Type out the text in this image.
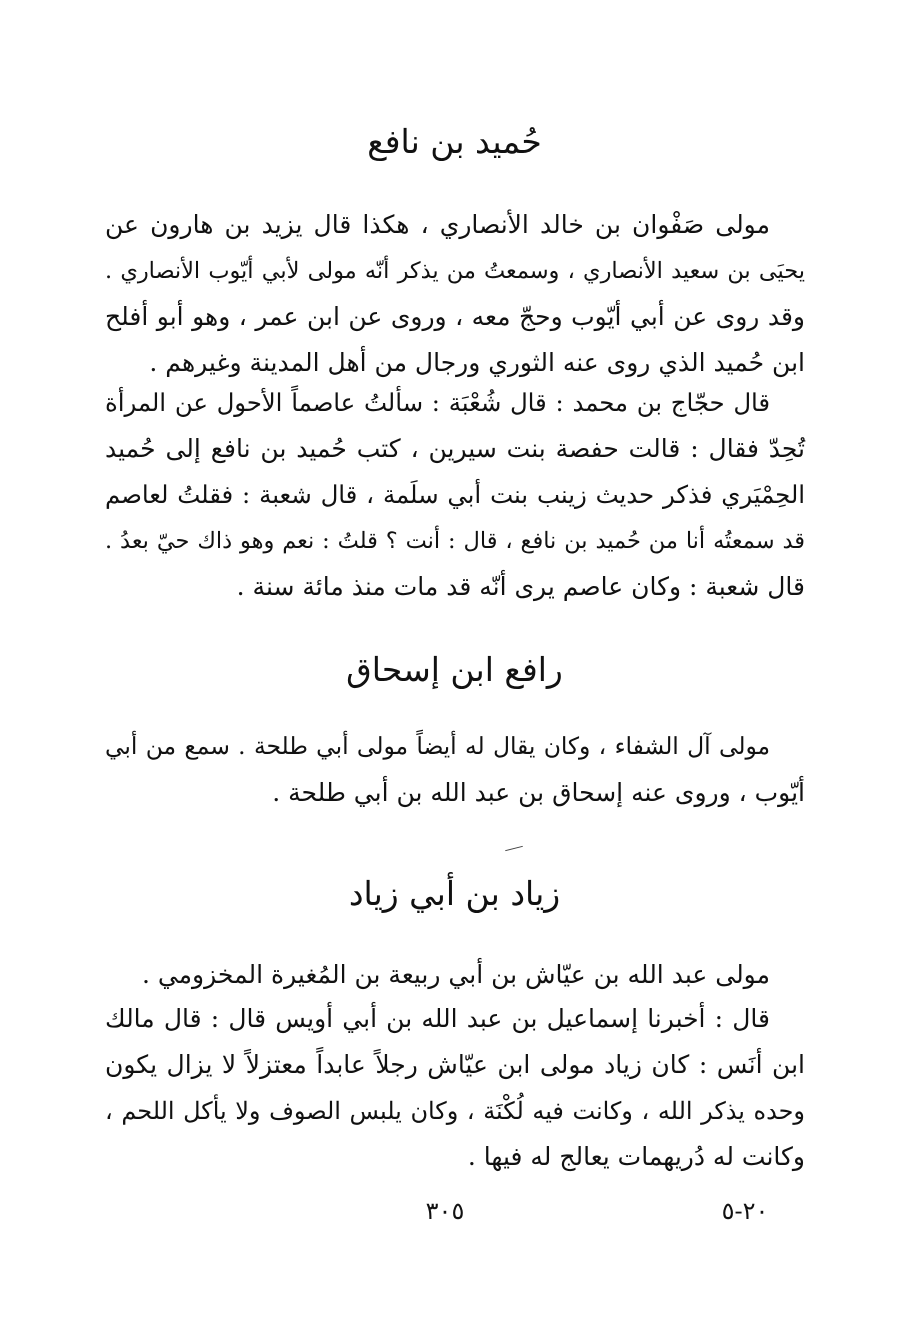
حُميد بن نافع
مولى صَفْوان بن خالد الأنصاري ، هكذا قال يزيد بن هارون عن
يحيَى بن سعيد الأنصاري ، وسمعتُ من يذكر أنّه مولى لأبي أيّوب الأنصاري .
وقد روى عن أبي أيّوب وحجّ معه ، وروى عن ابن عمر ، وهو أبو أفلح
ابن حُميد الذي روى عنه الثوري ورجال من أهل المدينة وغيرهم .
قال حجّاج بن محمد : قال شُعْبَة : سألتُ عاصماً الأحول عن المرأة
تُحِدّ فقال : قالت حفصة بنت سيرين ، كتب حُميد بن نافع إلى حُميد
الحِمْيَري فذكر حديث زينب بنت أبي سلَمة ، قال شعبة : فقلتُ لعاصم
قد سمعتُه أنا من حُميد بن نافع ، قال : أنت ؟ قلتُ : نعم وهو ذاك حيّ بعدُ .
قال شعبة : وكان عاصم يرى أنّه قد مات منذ مائة سنة .
رافع ابن إسحاق
مولى آل الشفاء ، وكان يقال له أيضاً مولى أبي طلحة . سمع من أبي
أيّوب ، وروى عنه إسحاق بن عبد الله بن أبي طلحة .
زياد بن أبي زياد
مولى عبد الله بن عيّاش بن أبي ربيعة بن المُغيرة المخزومي .
قال : أخبرنا إسماعيل بن عبد الله بن أبي أويس قال : قال مالك
ابن أنَس : كان زياد مولى ابن عيّاش رجلاً عابداً معتزلاً لا يزال يكون
وحده يذكر الله ، وكانت فيه لُكْنَة ، وكان يلبس الصوف ولا يأكل اللحم ،
وكانت له دُريهمات يعالج له فيها .

٣٠٥	٢٠-٥
